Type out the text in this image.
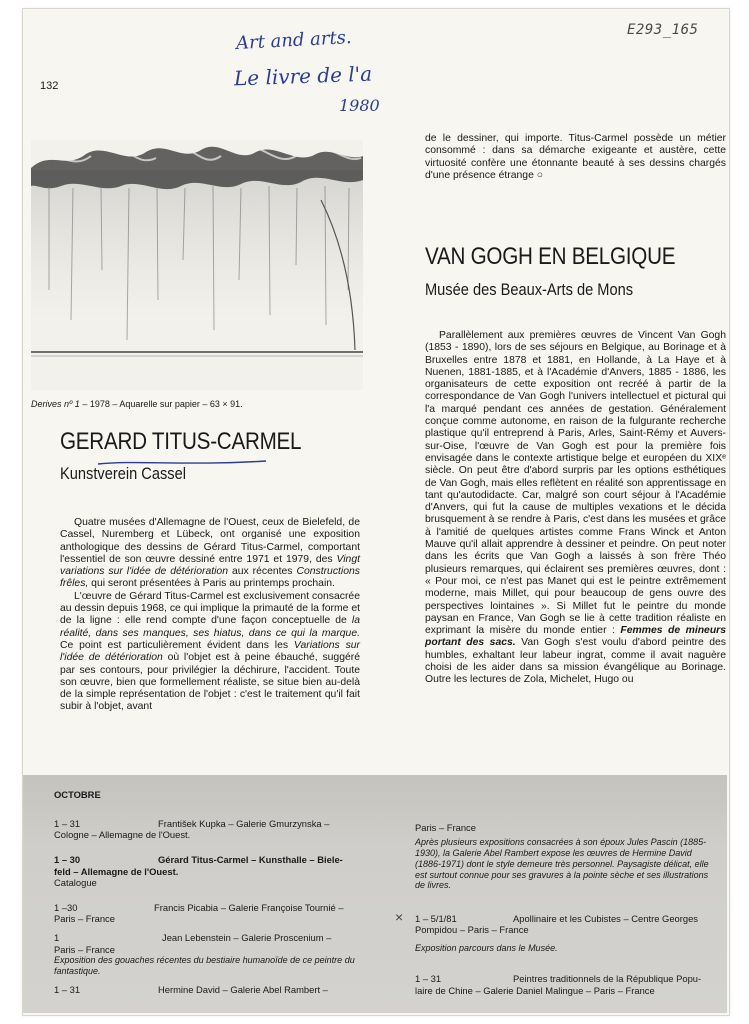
Art and arts.
Le livre de l'a
1980
E293_165
132
Derives nº 1 – 1978 – Aquarelle sur papier – 63 × 91.
GERARD TITUS-CARMEL
Kunstverein Cassel

Quatre musées d'Allemagne de l'Ouest, ceux de Bielefeld, de Cassel, Nuremberg et Lübeck, ont organisé une exposition anthologique des dessins de Gérard Titus-Carmel, comportant l'essentiel de son œuvre dessiné entre 1971 et 1979, des Vingt variations sur l'idée de détérioration aux récentes Constructions frêles, qui seront présentées à Paris au printemps prochain.

L'œuvre de Gérard Titus-Carmel est exclusivement consacrée au dessin depuis 1968, ce qui implique la primauté de la forme et de la ligne : elle rend compte d'une façon conceptuelle de la réalité, dans ses manques, ses hiatus, dans ce qui la marque. Ce point est particulièrement évident dans les Variations sur l'idée de détérioration où l'objet est à peine ébauché, suggéré par ses contours, pour privilégier la déchirure, l'accident. Toute son œuvre, bien que formellement réaliste, se situe bien au-delà de la simple représentation de l'objet : c'est le traitement qu'il fait subir à l'objet, avant

de le dessiner, qui importe. Titus-Carmel possède un métier consommé : dans sa démarche exigeante et austère, cette virtuosité confère une étonnante beauté à ses dessins chargés d'une présence étrange ○

VAN GOGH EN BELGIQUE
Musée des Beaux-Arts de Mons

Parallèlement aux premières œuvres de Vincent Van Gogh (1853 - 1890), lors de ses séjours en Belgique, au Borinage et à Bruxelles entre 1878 et 1881, en Hollande, à La Haye et à Nuenen, 1881-1885, et à l'Académie d'Anvers, 1885 - 1886, les organisateurs de cette exposition ont recréé à partir de la correspondance de Van Gogh l'univers intellectuel et pictural qui l'a marqué pendant ces années de gestation. Généralement conçue comme autonome, en raison de la fulgurante recherche plastique qu'il entreprend à Paris, Arles, Saint-Rémy et Auvers-sur-Oise, l'œuvre de Van Gogh est pour la première fois envisagée dans le contexte artistique belge et européen du XIXᵉ siècle. On peut être d'abord surpris par les options esthétiques de Van Gogh, mais elles reflètent en réalité son apprentissage en tant qu'autodidacte. Car, malgré son court séjour à l'Académie d'Anvers, qui fut la cause de multiples vexations et le décida brusquement à se rendre à Paris, c'est dans les musées et grâce à l'amitié de quelques artistes comme Frans Winck et Anton Mauve qu'il allait apprendre à dessiner et peindre. On peut noter dans les écrits que Van Gogh a laissés à son frère Théo plusieurs remarques, qui éclairent ses premières œuvres, dont : « Pour moi, ce n'est pas Manet qui est le peintre extrêmement moderne, mais Millet, qui pour beaucoup de gens ouvre des perspectives lointaines ». Si Millet fut le peintre du monde paysan en France, Van Gogh se lie à cette tradition réaliste en exprimant la misère du monde entier : Femmes de mineurs portant des sacs. Van Gogh s'est voulu d'abord peintre des humbles, exhaltant leur labeur ingrat, comme il avait naguère choisi de les aider dans sa mission évangélique au Borinage. Outre les lectures de Zola, Michelet, Hugo ou

OCTOBRE
1 – 31	František Kupka – Galerie Gmurzynska –
Cologne – Allemagne de l'Ouest.
1 – 30	Gérard Titus-Carmel – Kunsthalle – Biele-
feld – Allemagne de l'Ouest.
Catalogue
1 –30	Francis Picabia – Galerie Françoise Tournié –
Paris – France
1	Jean Lebenstein – Galerie Proscenium –
Paris – France
Exposition des gouaches récentes du bestiaire humanoïde de ce peintre du fantastique.
1 – 31	Hermine David – Galerie Abel Rambert –
Paris – France
Après plusieurs expositions consacrées à son époux Jules Pascin (1885-1930), la Galerie Abel Rambert expose les œuvres de Hermine David (1886-1971) dont le style demeure très personnel. Paysagiste délicat, elle est surtout connue pour ses gravures à la pointe sèche et ses illustrations de livres.
× 1 – 5/1/81	Apollinaire et les Cubistes – Centre Georges
Pompidou – Paris – France
Exposition parcours dans le Musée.
1 – 31	Peintres traditionnels de la République Popu-
laire de Chine – Galerie Daniel Malingue – Paris – France
